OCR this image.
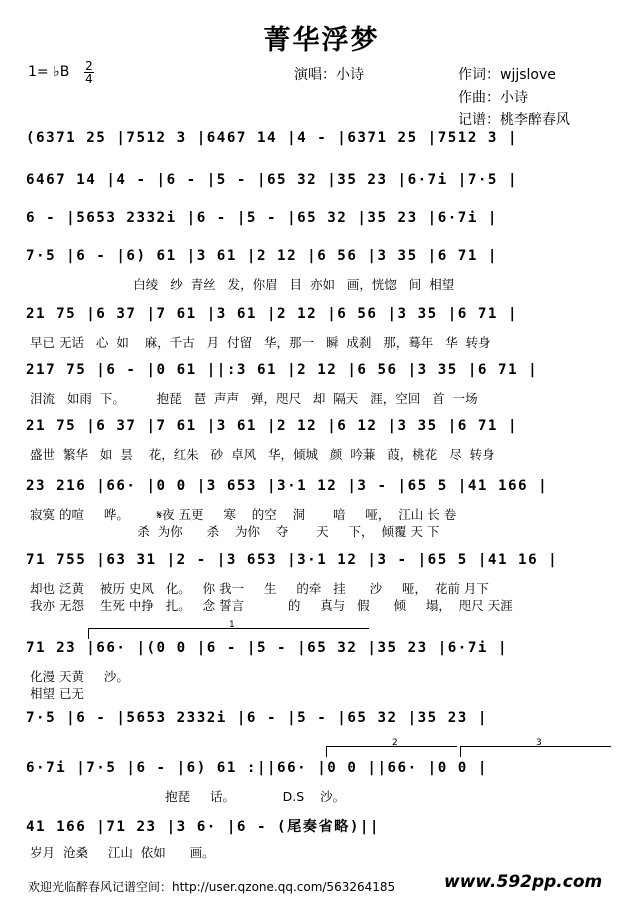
菁华浮梦
1= ♭B 2
4	演唱：小诗	作词：wjjslove
作曲：小诗
记谱：桃李醉春风
(6371 25 |7512 3 |6467 14 |4 - |6371 25 |7512 3 |
6467 14 |4 - |6 - |5 - |65 32 |35 23 |6·7i |7·5 |
6 - |5653 2332i |6 - |5 - |65 32 |35 23 |6·7i |
7·5 |6 - |6) 61 |3 61 |2 12 |6 56 |3 35 |6 71 |
白绫   纱  青丝   发，你眉   目  亦如   画，恍惚   间  相望
21 75 |6 37 |7 61 |3 61 |2 12 |6 56 |3 35 |6 71 |
早已 无话   心  如    麻，千古   月  付留   华，那一   瞬  成刹   那，蓦年   华  转身
217 75 |6 - |0 61 ||:3 61 |2 12 |6 56 |3 35 |6 71 |
泪流   如雨  下。        抱琵   琶  声声   弹，咫尺   却  隔天   涯，空回   首  一场
21 75 |6 37 |7 61 |3 61 |2 12 |6 12 |3 35 |6 71 |
盛世  繁华   如  昙    花，红朱   砂  卓风   华，倾城   颜  吟蒹   葭，桃花   尽  转身
23 216 |66· |0 0 |3 653 |3·1 12 |3 - |65 5 |41 166 |
寂寞 的喧     哗。       𝄋夜 五更     寒    的空    洞       喑     哑，  江山 长 卷
杀  为你      杀    为你    夺       天     下，  倾覆 天 下
71 755 |63 31 |2 - |3 653 |3·1 12 |3 - |65 5 |41 16 |
却也 泛黄    被历 史风   化。   你 我一     生     的牵   挂      沙     哑，  花前 月下
我亦 无怨    生死 中挣   扎。   念 誓言           的     真与   假      倾     塌，  咫尺 天涯
1
71 23 |66· |(0 0 |6 - |5 - |65 32 |35 23 |6·7i |
化漫 天黄     沙。
相望 已无
7·5 |6 - |5653 2332i |6 - |5 - |65 32 |35 23 |
2	3
6·7i |7·5 |6 - |6) 61 :||66· |0 0 ||66· |0 0 |
抱琵     话。            D.S    沙。
41 166 |71 23 |3 6· |6 - (尾奏省略)||
岁月  沧桑     江山  依如      画。
欢迎光临醉春风记谱空间：http://user.qzone.qq.com/563264185	www.592pp.com
